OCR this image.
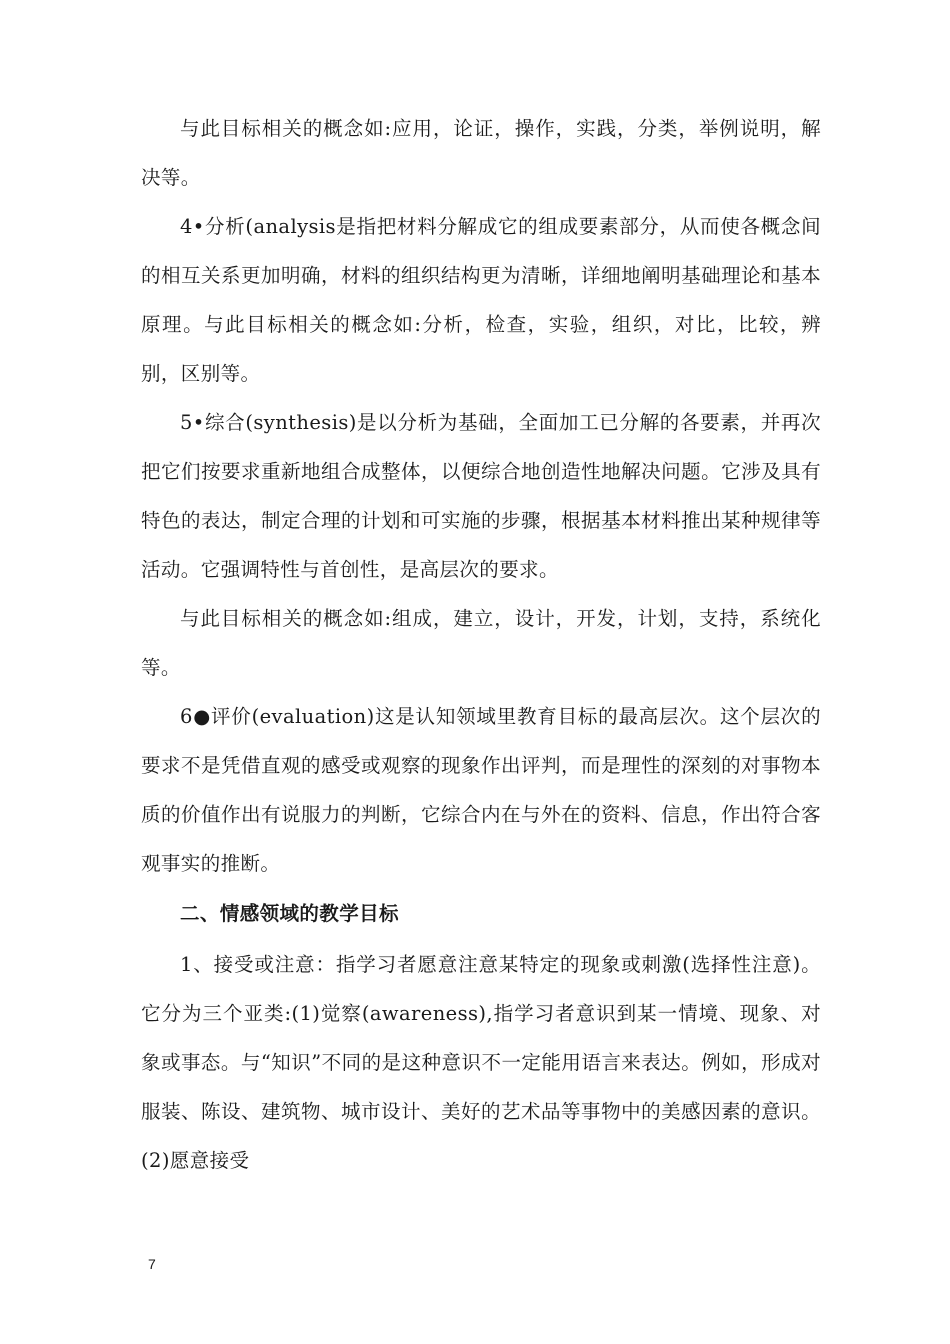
与此目标相关的概念如:应用，论证，操作，实践，分类，举例说明，解决等。

4•分析(analysis是指把材料分解成它的组成要素部分，从而使各概念间的相互关系更加明确，材料的组织结构更为清晰，详细地阐明基础理论和基本原理。与此目标相关的概念如:分析，检查，实验，组织，对比，比较，辨别，区别等。

5•综合(synthesis)是以分析为基础，全面加工已分解的各要素，并再次把它们按要求重新地组合成整体，以便综合地创造性地解决问题。它涉及具有特色的表达，制定合理的计划和可实施的步骤，根据基本材料推出某种规律等活动。它强调特性与首创性，是高层次的要求。

与此目标相关的概念如:组成，建立，设计，开发，计划，支持，系统化等。

6●评价(evaluation)这是认知领域里教育目标的最高层次。这个层次的要求不是凭借直观的感受或观察的现象作出评判，而是理性的深刻的对事物本质的价值作出有说服力的判断，它综合内在与外在的资料、信息，作出符合客观事实的推断。

二、情感领域的教学目标

1、接受或注意：指学习者愿意注意某特定的现象或刺激(选择性注意)。它分为三个亚类:(1)觉察(awareness),指学习者意识到某一情境、现象、对象或事态。与“知识”不同的是这种意识不一定能用语言来表达。例如，形成对服装、陈设、建筑物、城市设计、美好的艺术品等事物中的美感因素的意识。(2)愿意接受

7
